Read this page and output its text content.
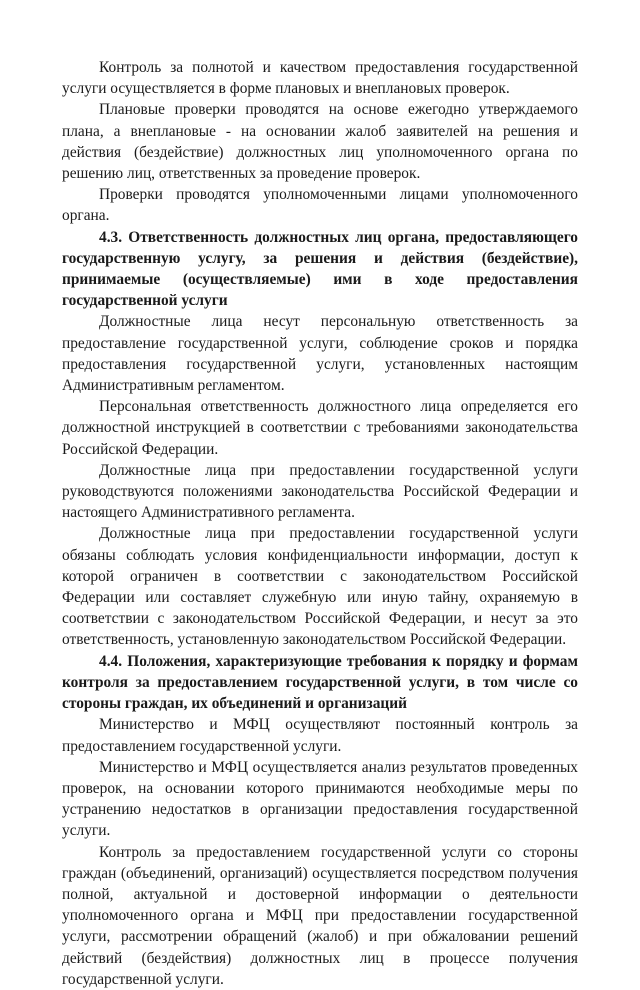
Контроль за полнотой и качеством предоставления государственной услуги осуществляется в форме плановых и внеплановых проверок.

Плановые проверки проводятся на основе ежегодно утверждаемого плана, а внеплановые - на основании жалоб заявителей на решения и действия (бездействие) должностных лиц уполномоченного органа по решению лиц, ответственных за проведение проверок.

Проверки проводятся уполномоченными лицами уполномоченного органа.

4.3. Ответственность должностных лиц органа, предоставляющего государственную услугу, за решения и действия (бездействие), принимаемые (осуществляемые) ими в ходе предоставления государственной услуги

Должностные лица несут персональную ответственность за предоставление государственной услуги, соблюдение сроков и порядка предоставления государственной услуги, установленных настоящим Административным регламентом.

Персональная ответственность должностного лица определяется его должностной инструкцией в соответствии с требованиями законодательства Российской Федерации.

Должностные лица при предоставлении государственной услуги руководствуются положениями законодательства Российской Федерации и настоящего Административного регламента.

Должностные лица при предоставлении государственной услуги обязаны соблюдать условия конфиденциальности информации, доступ к которой ограничен в соответствии с законодательством Российской Федерации или составляет служебную или иную тайну, охраняемую в соответствии с законодательством Российской Федерации, и несут за это ответственность, установленную законодательством Российской Федерации.

4.4. Положения, характеризующие требования к порядку и формам контроля за предоставлением государственной услуги, в том числе со стороны граждан, их объединений и организаций

Министерство и МФЦ осуществляют постоянный контроль за предоставлением государственной услуги.

Министерство и МФЦ осуществляется анализ результатов проведенных проверок, на основании которого принимаются необходимые меры по устранению недостатков в организации предоставления государственной услуги.

Контроль за предоставлением государственной услуги со стороны граждан (объединений, организаций) осуществляется посредством получения полной, актуальной и достоверной информации о деятельности уполномоченного органа и МФЦ при предоставлении государственной услуги, рассмотрении обращений (жалоб) и при обжаловании решений действий (бездействия) должностных лиц в процессе получения государственной услуги.
